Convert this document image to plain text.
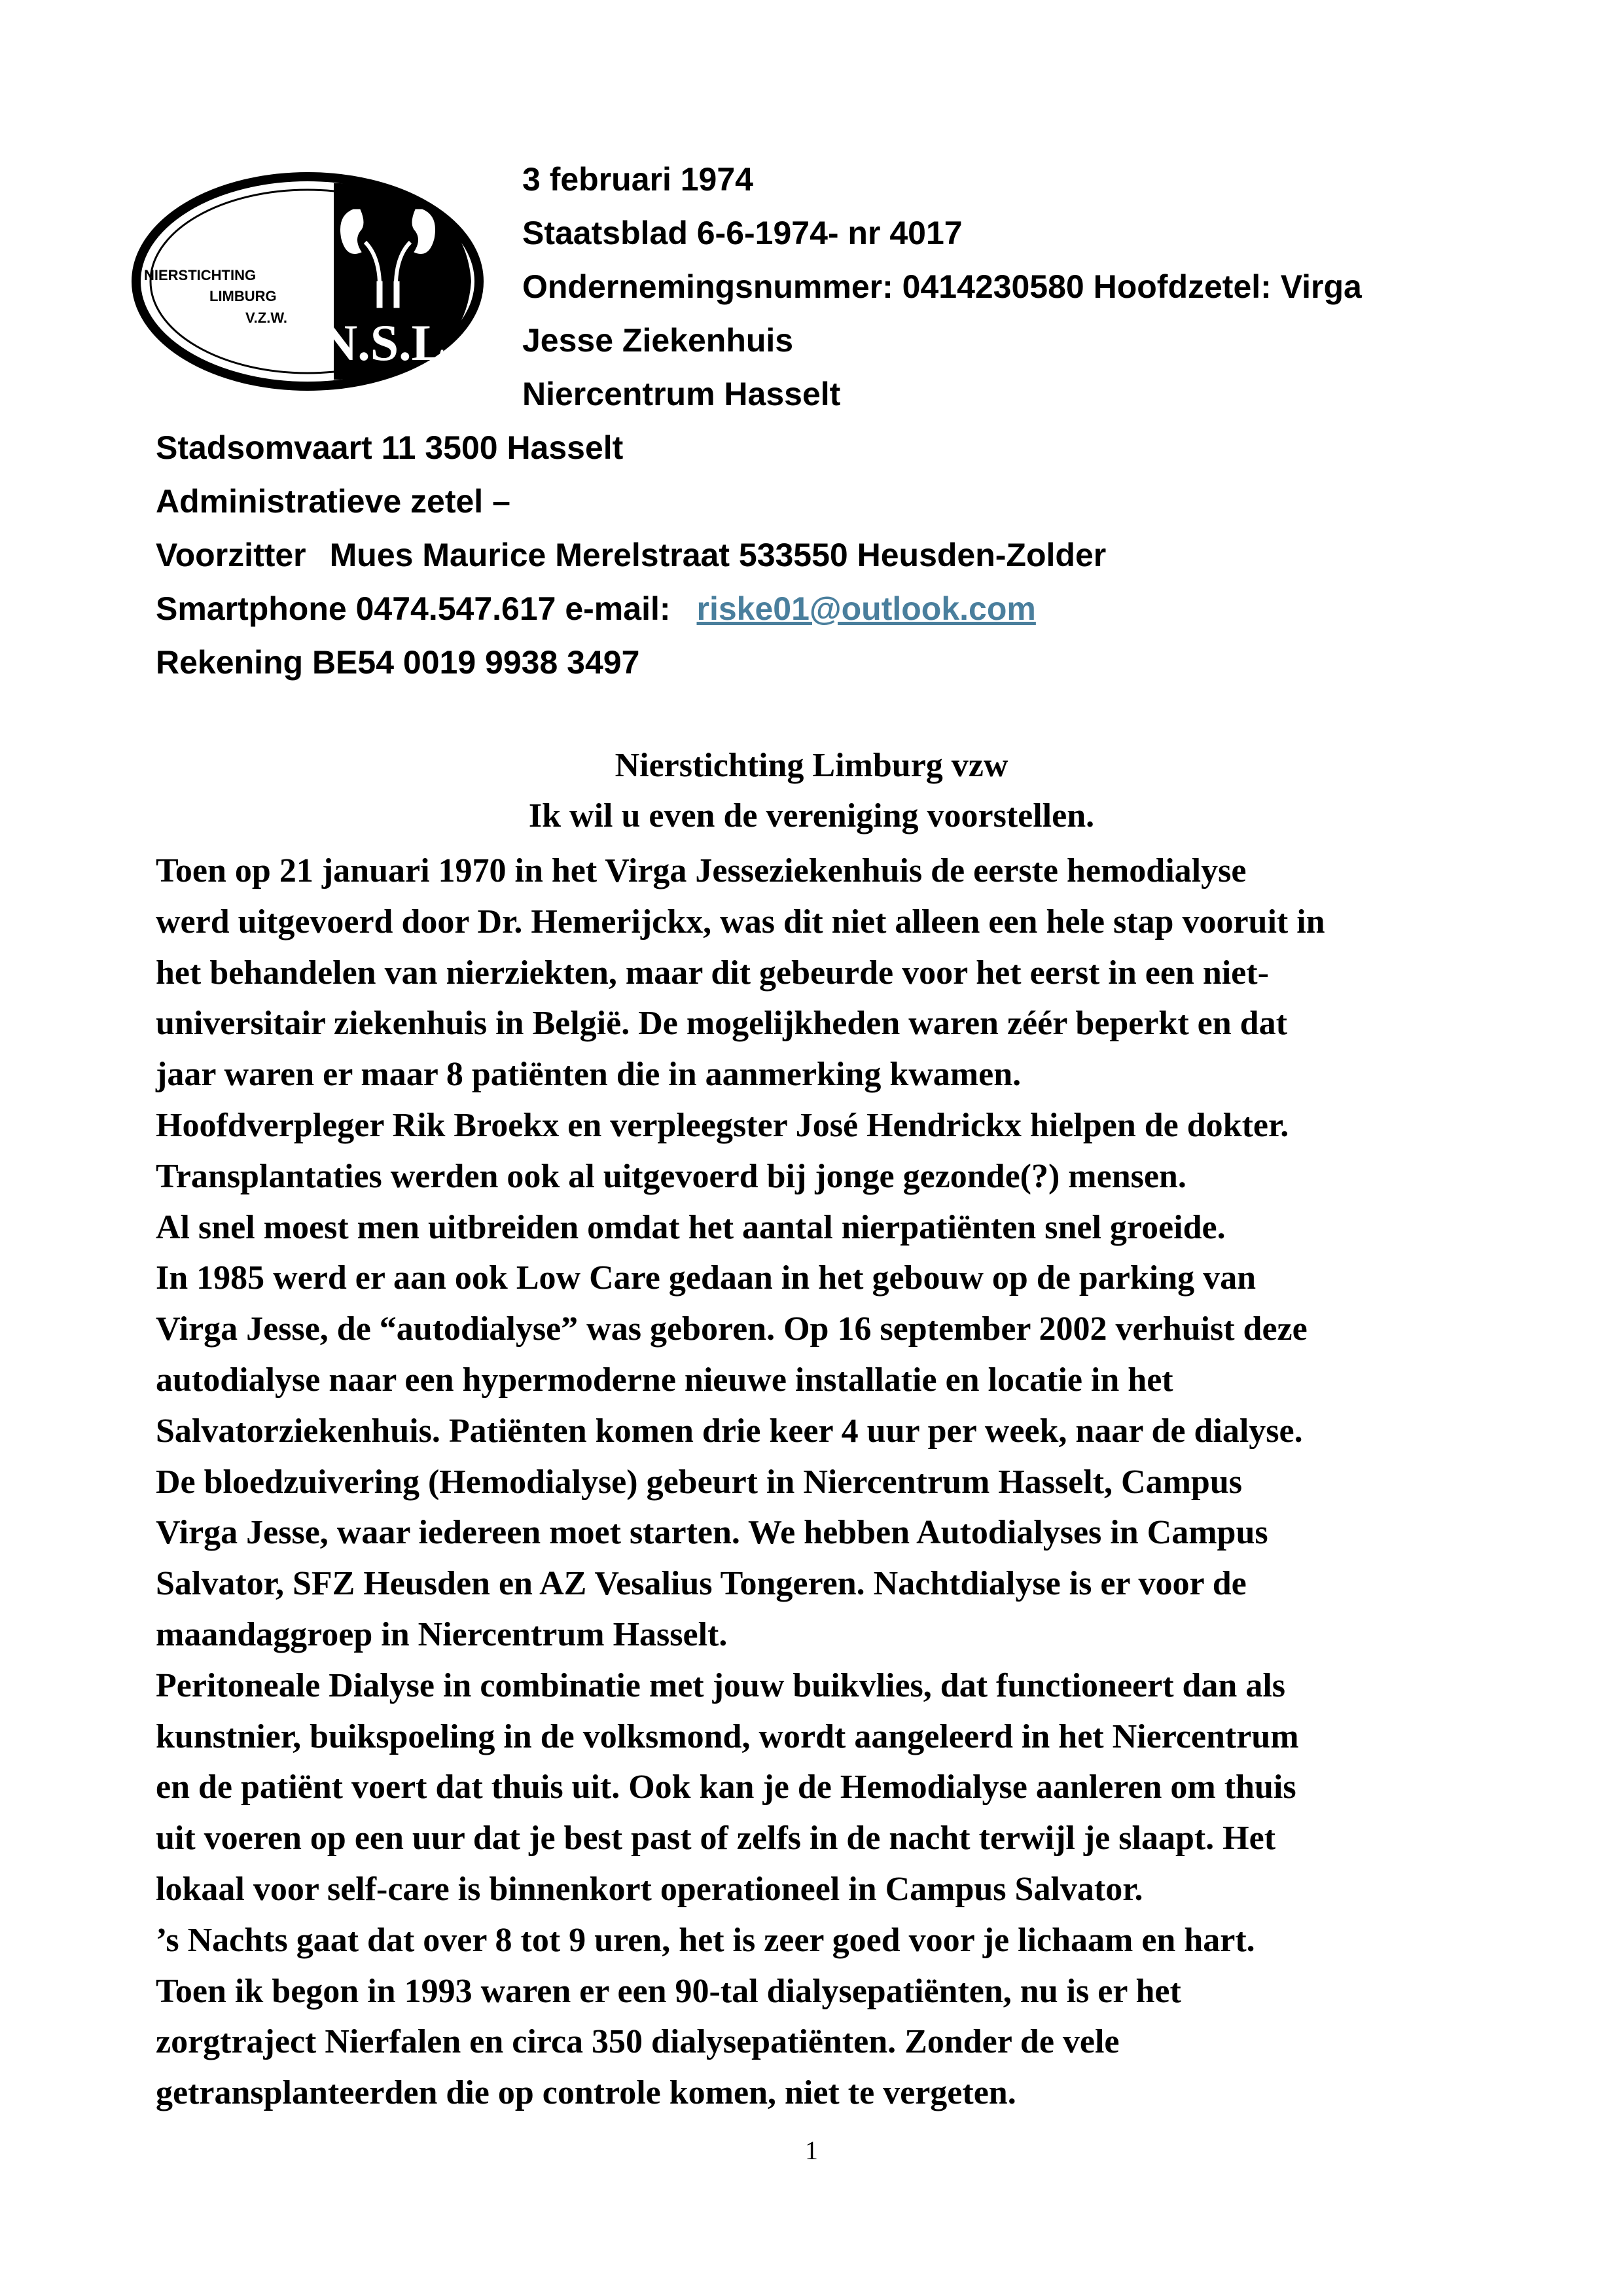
N.S.L.
NIERSTICHTING
LIMBURG
V.Z.W.
3 februari 1974
Staatsblad 6-6-1974- nr 4017
Ondernemingsnummer: 0414230580 Hoofdzetel: Virga
Jesse Ziekenhuis
Niercentrum Hasselt
Stadsomvaart 11 3500 Hasselt
Administratieve zetel –
Voorzitter Mues Maurice Merelstraat 533550 Heusden-Zolder
Smartphone 0474.547.617 e-mail: riske01@outlook.com
Rekening BE54 0019 9938 3497
Nierstichting Limburg vzw
Ik wil u even de vereniging voorstellen.
Toen op 21 januari 1970 in het Virga Jesseziekenhuis de eerste hemodialyse
werd uitgevoerd door Dr. Hemerijckx, was dit niet alleen een hele stap vooruit in
het behandelen van nierziekten, maar dit gebeurde voor het eerst in een niet-
universitair ziekenhuis in België. De mogelijkheden waren zéér beperkt en dat
jaar waren er maar 8 patiënten die in aanmerking kwamen.
Hoofdverpleger Rik Broekx en verpleegster José Hendrickx hielpen de dokter.
Transplantaties werden ook al uitgevoerd bij jonge gezonde(?) mensen.
Al snel moest men uitbreiden omdat het aantal nierpatiënten snel groeide.
In 1985 werd er aan ook Low Care gedaan in het gebouw op de parking van
Virga Jesse, de “autodialyse” was geboren. Op 16 september 2002 verhuist deze
autodialyse naar een hypermoderne nieuwe installatie en locatie in het
Salvatorziekenhuis. Patiënten komen drie keer 4 uur per week, naar de dialyse.
De bloedzuivering (Hemodialyse) gebeurt in Niercentrum Hasselt, Campus
Virga Jesse, waar iedereen moet starten. We hebben Autodialyses in Campus
Salvator, SFZ Heusden en AZ Vesalius Tongeren. Nachtdialyse is er voor de
maandaggroep in Niercentrum Hasselt.
Peritoneale Dialyse in combinatie met jouw buikvlies, dat functioneert dan als
kunstnier, buikspoeling in de volksmond, wordt aangeleerd in het Niercentrum
en de patiënt voert dat thuis uit. Ook kan je de Hemodialyse aanleren om thuis
uit voeren op een uur dat je best past of zelfs in de nacht terwijl je slaapt. Het
lokaal voor self-care is binnenkort operationeel in Campus Salvator.
’s Nachts gaat dat over 8 tot 9 uren, het is zeer goed voor je lichaam en hart.
Toen ik begon in 1993 waren er een 90-tal dialysepatiënten, nu is er het
zorgtraject Nierfalen en circa 350 dialysepatiënten. Zonder de vele
getransplanteerden die op controle komen, niet te vergeten.
1
